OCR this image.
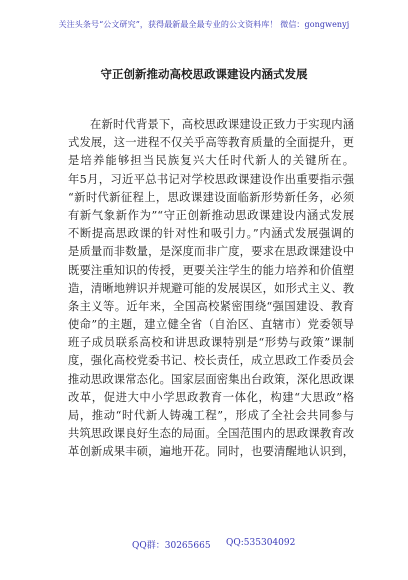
关注头条号“公文研究”，获得最新最全最专业的公文资料库！ 微信：gongwenyj
守正创新推动高校思政课建设内涵式发展
在新时代背景下，高校思政课建设正致力于实现内涵
式发展，这一进程不仅关乎高等教育质量的全面提升，更
是培养能够担当民族复兴大任时代新人的关键所在。
年5月，习近平总书记对学校思政课建设作出重要指示强
“新时代新征程上，思政课建设面临新形势新任务，必须
有新气象新作为”“守正创新推动思政课建设内涵式发展
不断提高思政课的针对性和吸引力。”内涵式发展强调的
是质量而非数量，是深度而非广度，要求在思政课建设中
既要注重知识的传授，更要关注学生的能力培养和价值塑
造，清晰地辨识并规避可能的发展误区，如形式主义、教
条主义等。近年来，全国高校紧密围绕“强国建设、教育
使命”的主题，建立健全省（自治区、直辖市）党委领导
班子成员联系高校和讲思政课特别是“形势与政策”课制
度，强化高校党委书记、校长责任，成立思政工作委员会
推动思政课常态化。国家层面密集出台政策，深化思政课
改革，促进大中小学思政教育一体化，构建“大思政”格
局，推动“时代新人铸魂工程”，形成了全社会共同参与
共筑思政课良好生态的局面。全国范围内的思政课教育改
革创新成果丰硕，遍地开花。同时，也要清醒地认识到，
QQ群：30265665 QQ:535304092
